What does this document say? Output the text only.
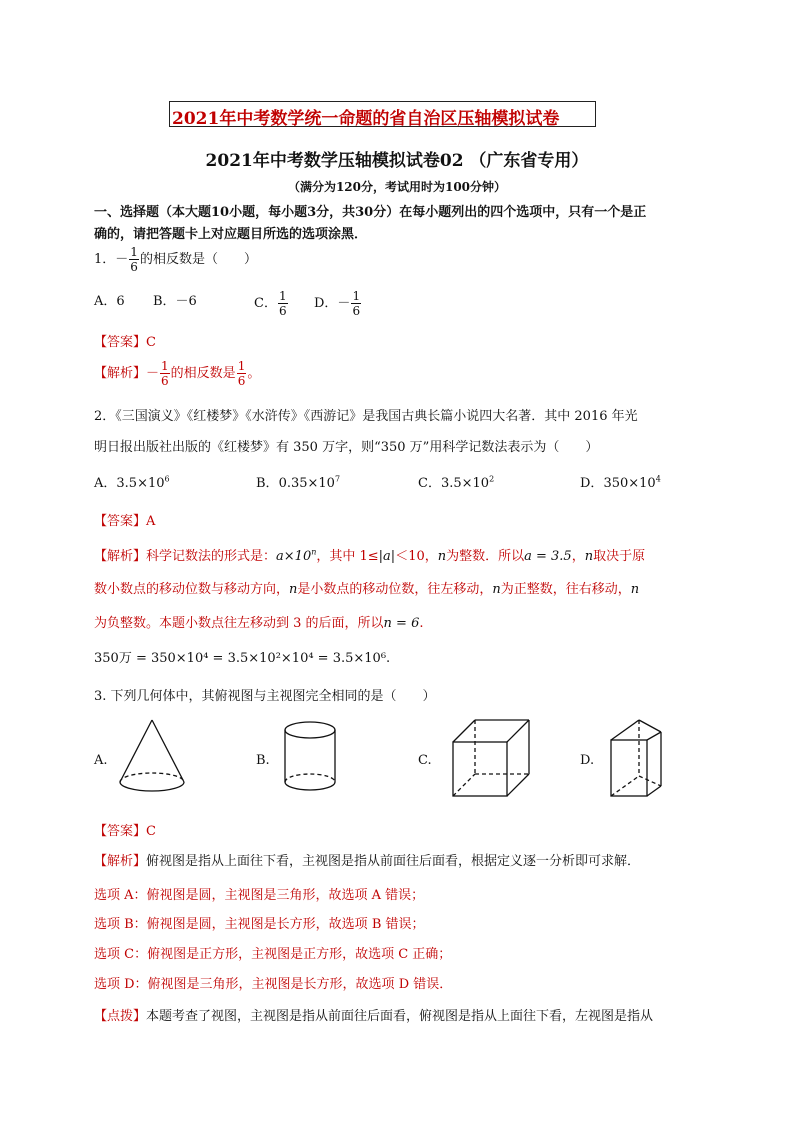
2021年中考数学统一命题的省自治区压轴模拟试卷
2021年中考数学压轴模拟试卷02 （广东省专用）
（满分为120分，考试用时为100分钟）
一、选择题（本大题10小题，每小题3分，共30分）在每小题列出的四个选项中，只有一个是正
确的，请把答题卡上对应题目所选的选项涂黑．
1．－ $\frac{1}{6}$ 的相反数是（　　）
A．6 B．－6	C． $\frac{1}{6}$ D．－ $\frac{1}{6}$
【答案】C
【解析】－ $\frac{1}{6}$ 的相反数是 $\frac{1}{6}$ 。
2．《三国演义》《红楼梦》《水浒传》《西游记》是我国古典长篇小说四大名著．其中 2016 年光
明日报出版社出版的《红楼梦》有 350 万字，则“350 万”用科学记数法表示为（　　）
A．$3.5\times 10^6$	B．$0.35\times 10^7$	C．$3.5\times 10^2$	D．$350\times 10^4$
【答案】A
【解析】科学记数法的形式是：$a\times 10^n$，其中 1≤|a|＜10，n为整数．所以a = 3.5，n取决于原
数小数点的移动位数与移动方向，n是小数点的移动位数，往左移动，n为正整数，往右移动，n
为负整数。本题小数点往左移动到 3 的后面，所以n = 6.
350万 = 350×10⁴ = 3.5×10²×10⁴ = 3.5×10⁶.
3. 下列几何体中，其俯视图与主视图完全相同的是（　　）
A.	B.	C.	D.
【答案】C
【解析】俯视图是指从上面往下看，主视图是指从前面往后面看，根据定义逐一分析即可求解．
选项 A：俯视图是圆，主视图是三角形，故选项 A 错误；
选项 B：俯视图是圆，主视图是长方形，故选项 B 错误；
选项 C：俯视图是正方形，主视图是正方形，故选项 C 正确；
选项 D：俯视图是三角形，主视图是长方形，故选项 D 错误．
【点拨】本题考查了视图，主视图是指从前面往后面看，俯视图是指从上面往下看，左视图是指从
